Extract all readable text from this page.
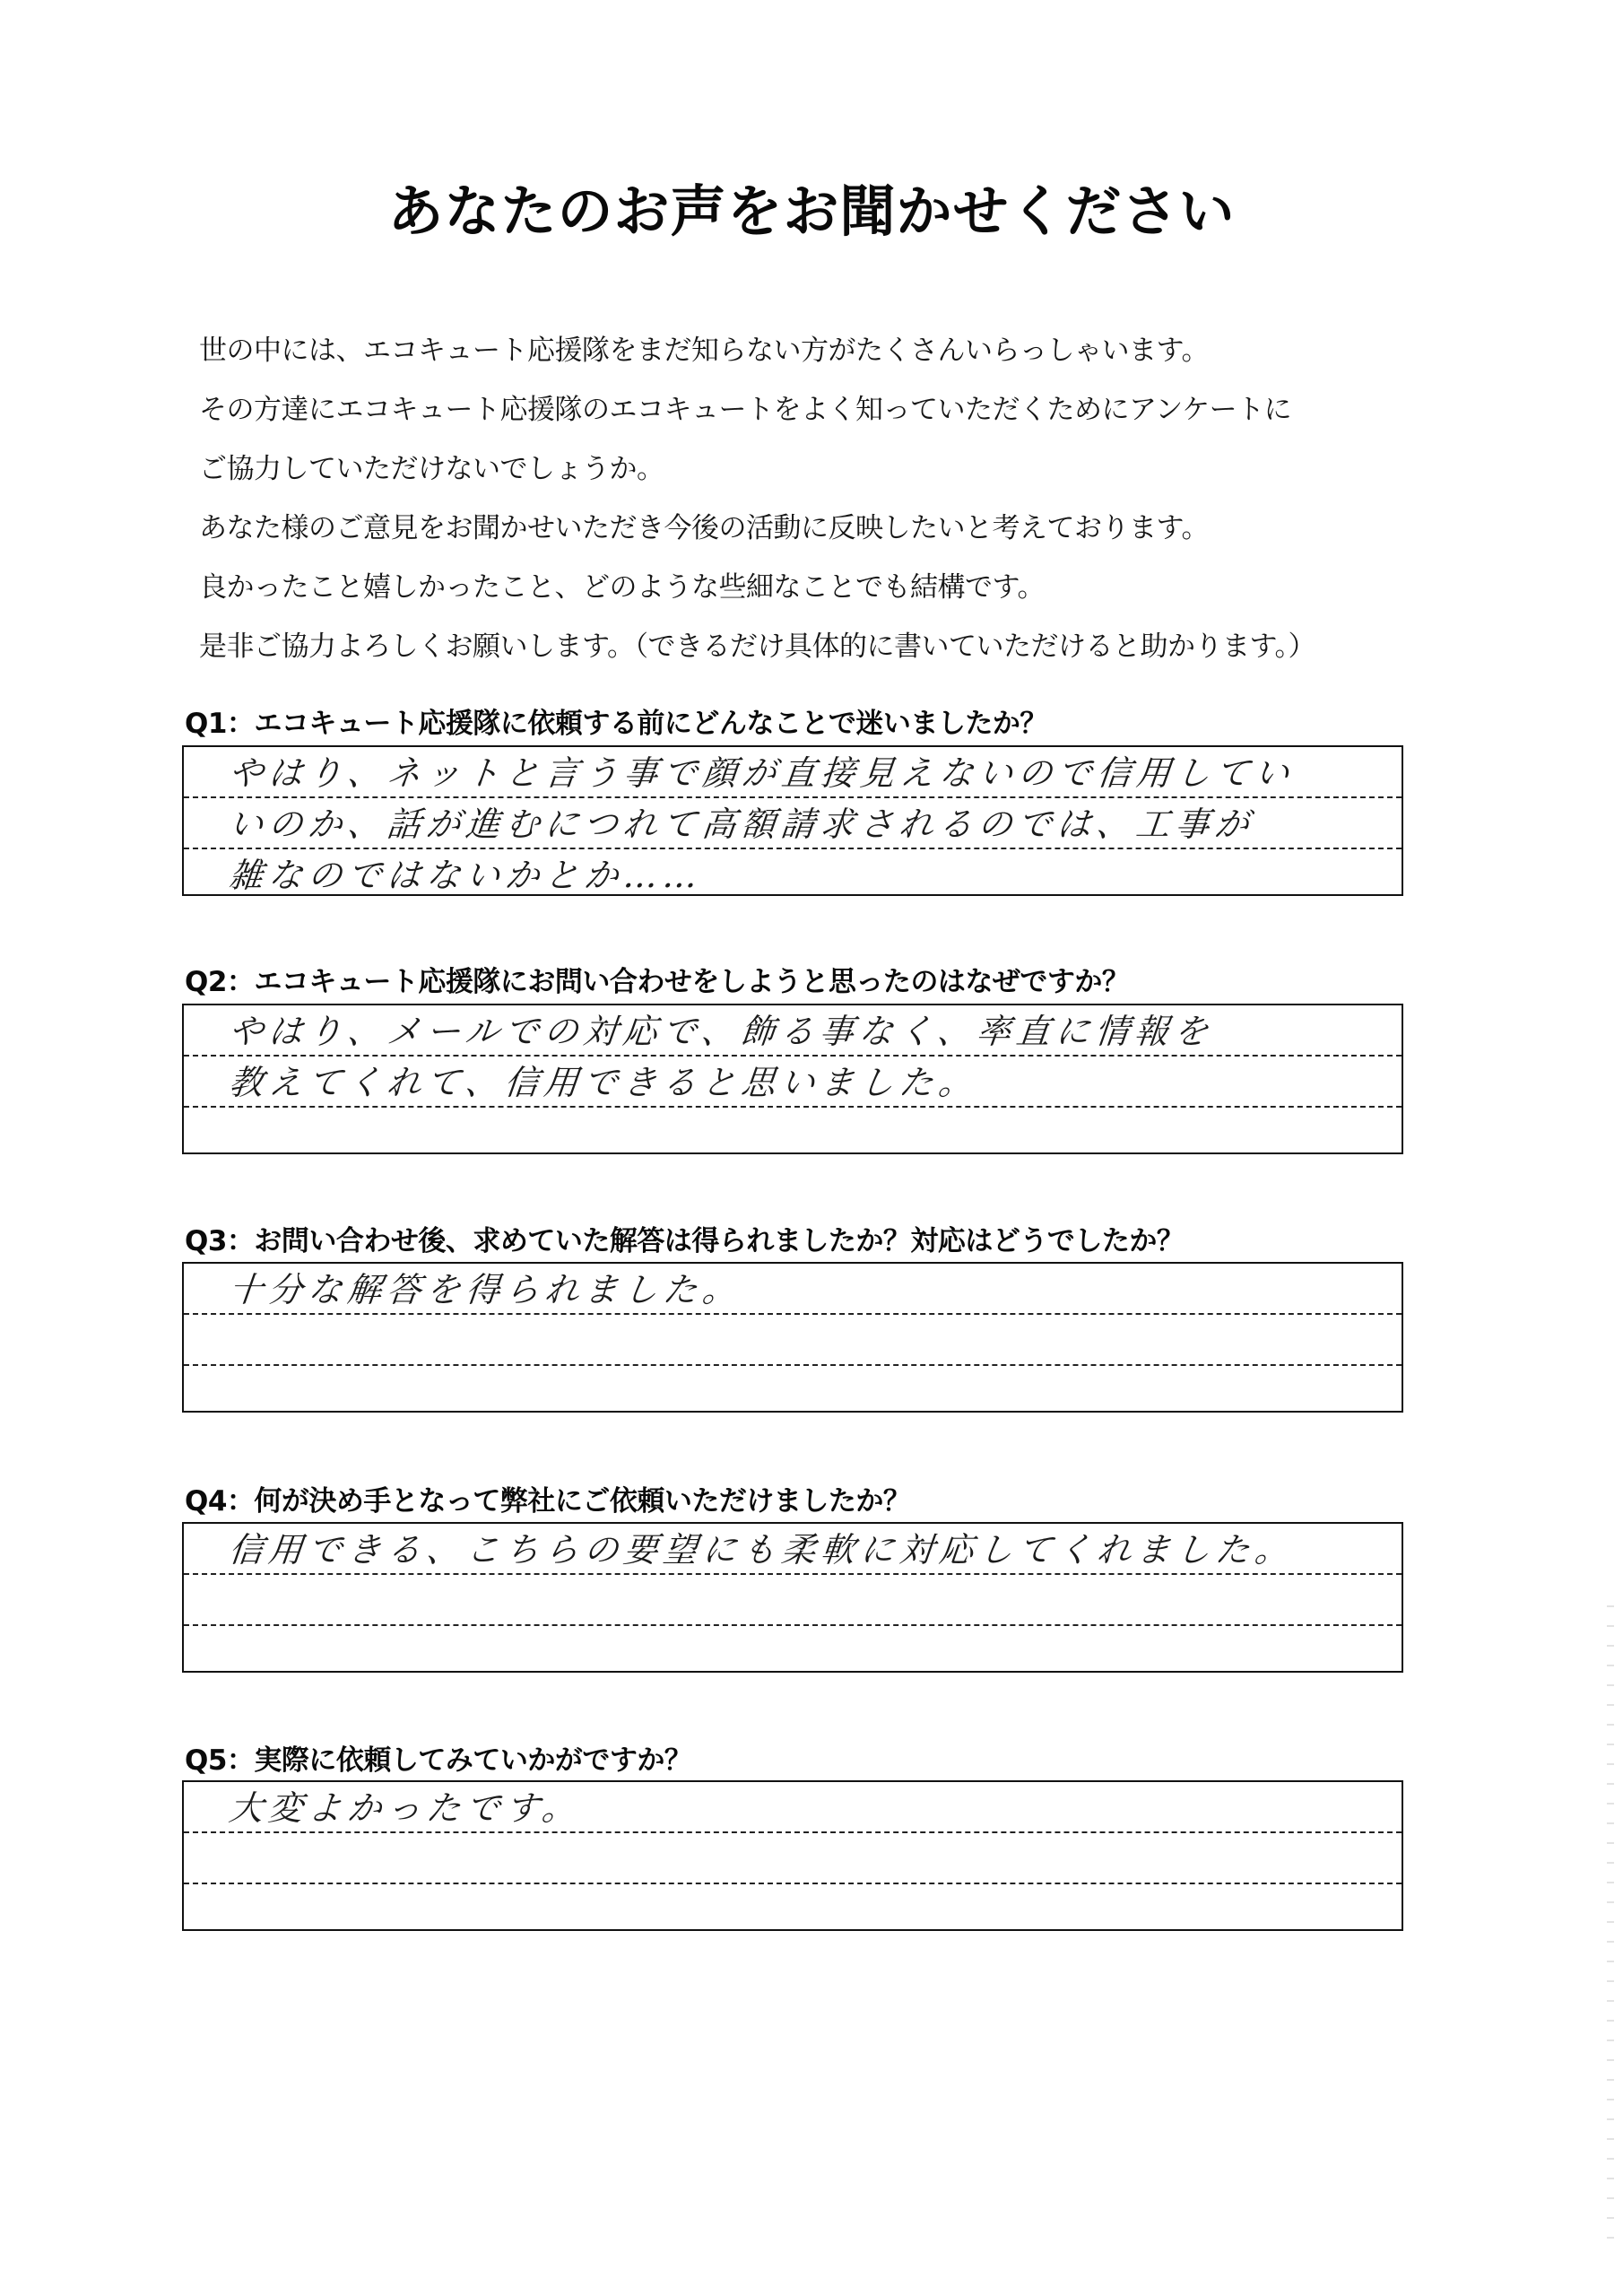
あなたのお声をお聞かせください
世の中には、エコキュート応援隊をまだ知らない方がたくさんいらっしゃいます。
その方達にエコキュート応援隊のエコキュートをよく知っていただくためにアンケートに
ご協力していただけないでしょうか。
あなた様のご意見をお聞かせいただき今後の活動に反映したいと考えております。
良かったこと嬉しかったこと、どのような些細なことでも結構です。
是非ご協力よろしくお願いします。（できるだけ具体的に書いていただけると助かります。）
Q1：エコキュート応援隊に依頼する前にどんなことで迷いましたか？
やはり、ネットと言う事で顔が直接見えないので信用してい
いのか、話が進むにつれて高額請求されるのでは、工事が
雑なのではないかとか……
Q2：エコキュート応援隊にお問い合わせをしようと思ったのはなぜですか？
やはり、メールでの対応で、飾る事なく、率直に情報を
教えてくれて、信用できると思いました。
Q3：お問い合わせ後、求めていた解答は得られましたか？対応はどうでしたか？
十分な解答を得られました。
Q4：何が決め手となって弊社にご依頼いただけましたか？
信用できる、こちらの要望にも柔軟に対応してくれました。
Q5：実際に依頼してみていかがですか？
大変よかったです。
